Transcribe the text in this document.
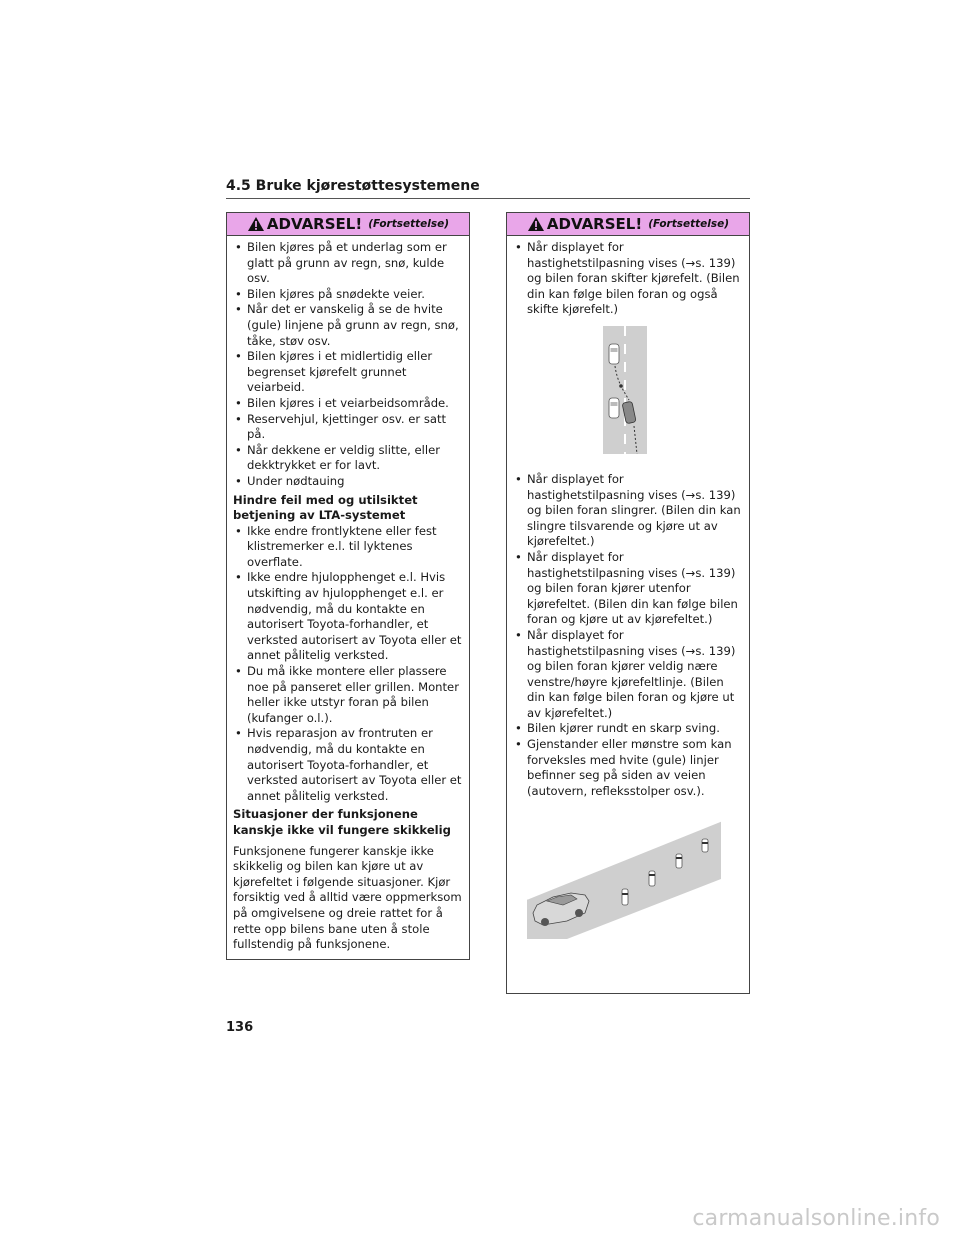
4.5 Bruke kjørestøttesystemene
ADVARSEL! (Fortsettelse)
• Bilen kjøres på et underlag som er glatt på grunn av regn, snø, kulde osv.
• Bilen kjøres på snødekte veier.
• Når det er vanskelig å se de hvite (gule) linjene på grunn av regn, snø, tåke, støv osv.
• Bilen kjøres i et midlertidig eller begrenset kjørefelt grunnet veiarbeid.
• Bilen kjøres i et veiarbeidsområde.
• Reservehjul, kjettinger osv. er satt på.
• Når dekkene er veldig slitte, eller dekktrykket er for lavt.
• Under nødtauing
Hindre feil med og utilsiktet betjening av LTA-systemet
• Ikke endre frontlyktene eller fest klistremerker e.l. til lyktenes overflate.
• Ikke endre hjulopphenget e.l. Hvis utskifting av hjulopphenget e.l. er nødvendig, må du kontakte en autorisert Toyota-forhandler, et verksted autorisert av Toyota eller et annet pålitelig verksted.
• Du må ikke montere eller plassere noe på panseret eller grillen. Monter heller ikke utstyr foran på bilen (kufanger o.l.).
• Hvis reparasjon av frontruten er nødvendig, må du kontakte en autorisert Toyota-forhandler, et verksted autorisert av Toyota eller et annet pålitelig verksted.
Situasjoner der funksjonene kanskje ikke vil fungere skikkelig
Funksjonene fungerer kanskje ikke skikkelig og bilen kan kjøre ut av kjørefeltet i følgende situasjoner. Kjør forsiktig ved å alltid være oppmerksom på omgivelsene og dreie rattet for å rette opp bilens bane uten å stole fullstendig på funksjonene.
ADVARSEL! (Fortsettelse)
• Når displayet for hastighetstilpasning vises (→s. 139) og bilen foran skifter kjørefelt. (Bilen din kan følge bilen foran og også skifte kjørefelt.)
• Når displayet for hastighetstilpasning vises (→s. 139) og bilen foran slingrer. (Bilen din kan slingre tilsvarende og kjøre ut av kjørefeltet.)
• Når displayet for hastighetstilpasning vises (→s. 139) og bilen foran kjører utenfor kjørefeltet. (Bilen din kan følge bilen foran og kjøre ut av kjørefeltet.)
• Når displayet for hastighetstilpasning vises (→s. 139) og bilen foran kjører veldig nære venstre/høyre kjørefeltlinje. (Bilen din kan følge bilen foran og kjøre ut av kjørefeltet.)
• Bilen kjører rundt en skarp sving.
• Gjenstander eller mønstre som kan forveksles med hvite (gule) linjer befinner seg på siden av veien (autovern, refleksstolper osv.).
136
carmanualsonline.info
